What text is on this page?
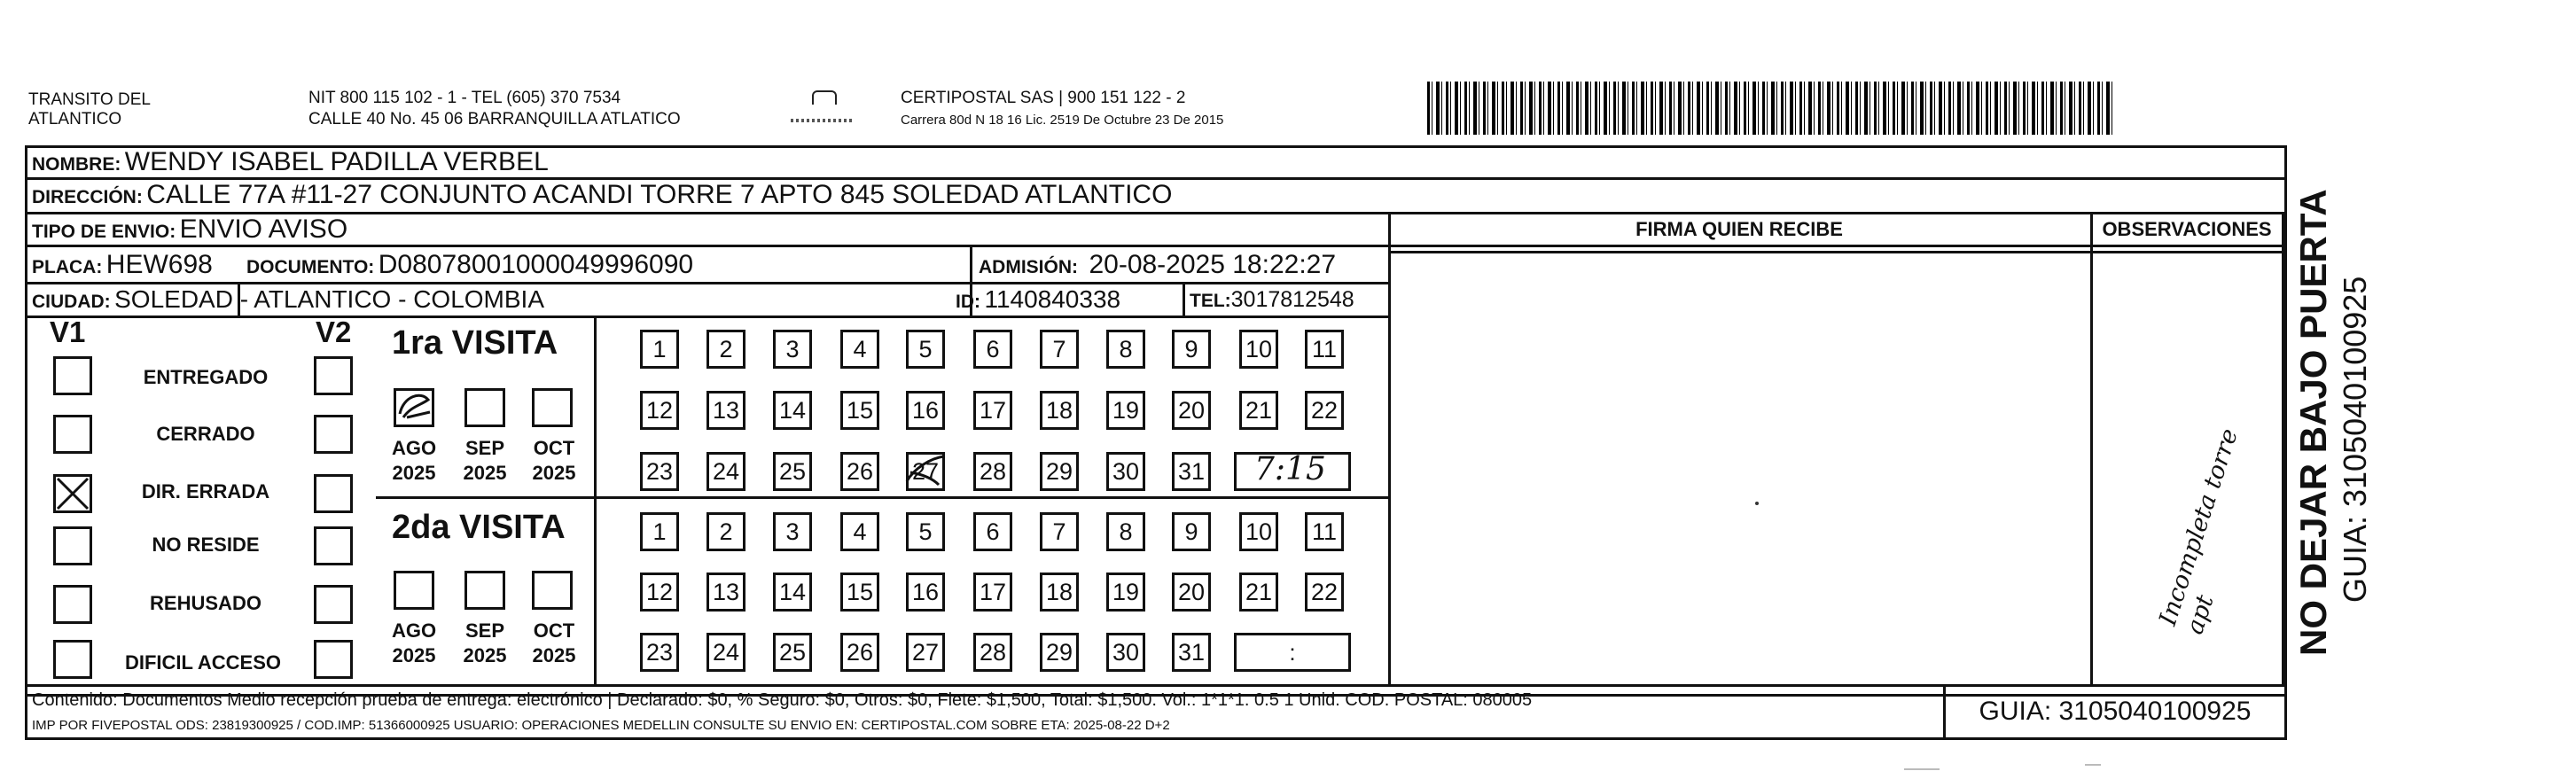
TRANSITO DEL
ATLANTICO
NIT 800 115 102 - 1 - TEL (605) 370 7534
CALLE 40 No. 45 06 BARRANQUILLA ATLATICO
CERTIPOSTAL SAS | 900 151 122 - 2
Carrera 80d N 18 16 Lic. 2519 De Octubre 23 De 2015
NOMBRE: WENDY ISABEL PADILLA VERBEL
DIRECCIÓN: CALLE 77A #11-27 CONJUNTO ACANDI TORRE 7 APTO 845 SOLEDAD ATLANTICO
TIPO DE ENVIO: ENVIO AVISO
PLACA: HEW698 DOCUMENTO: D08078001000049996090	ADMISIÓN: 20-08-2025 18:22:27
CIUDAD: SOLEDAD - ATLANTICO - COLOMBIA	ID: 1140840338	TEL:3017812548
FIRMA QUIEN RECIBE	OBSERVACIONES
V1	V2
ENTREGADO
CERRADO
DIR. ERRADA
NO RESIDE
REHUSADO
DIFICIL ACCESO
1ra VISITA
2da VISITA
AGO
2025
SEP
2025
OCT
2025
AGO
2025
SEP
2025
OCT
2025
1	2	3	4	5	6	7	8	9	10 11
12 13 14 15 16 17 18 19 20 21 22
23 24 25 26 27 28 29 30 31
1	2	3	4	5	6	7	8	9	10 11
12 13 14 15 16 17 18 19 20 21 22
23 24 25 26 27 28 29 30 31
7:15
:
Contenido: Documentos Medio recepción prueba de entrega: electrónico | Declarado: $0, % Seguro: $0, Otros: $0, Flete: $1,500, Total: $1,500. Vol.: 1*1*1. 0.5 1 Unid. COD. POSTAL: 080005
IMP POR FIVEPOSTAL ODS: 23819300925 / COD.IMP: 51366000925 USUARIO: OPERACIONES MEDELLIN CONSULTE SU ENVIO EN: CERTIPOSTAL.COM SOBRE ETA: 2025-08-22 D+2	GUIA: 3105040100925
NO DEJAR BAJO PUERTA GUIA: 3105040100925
Incompleta torre apt
